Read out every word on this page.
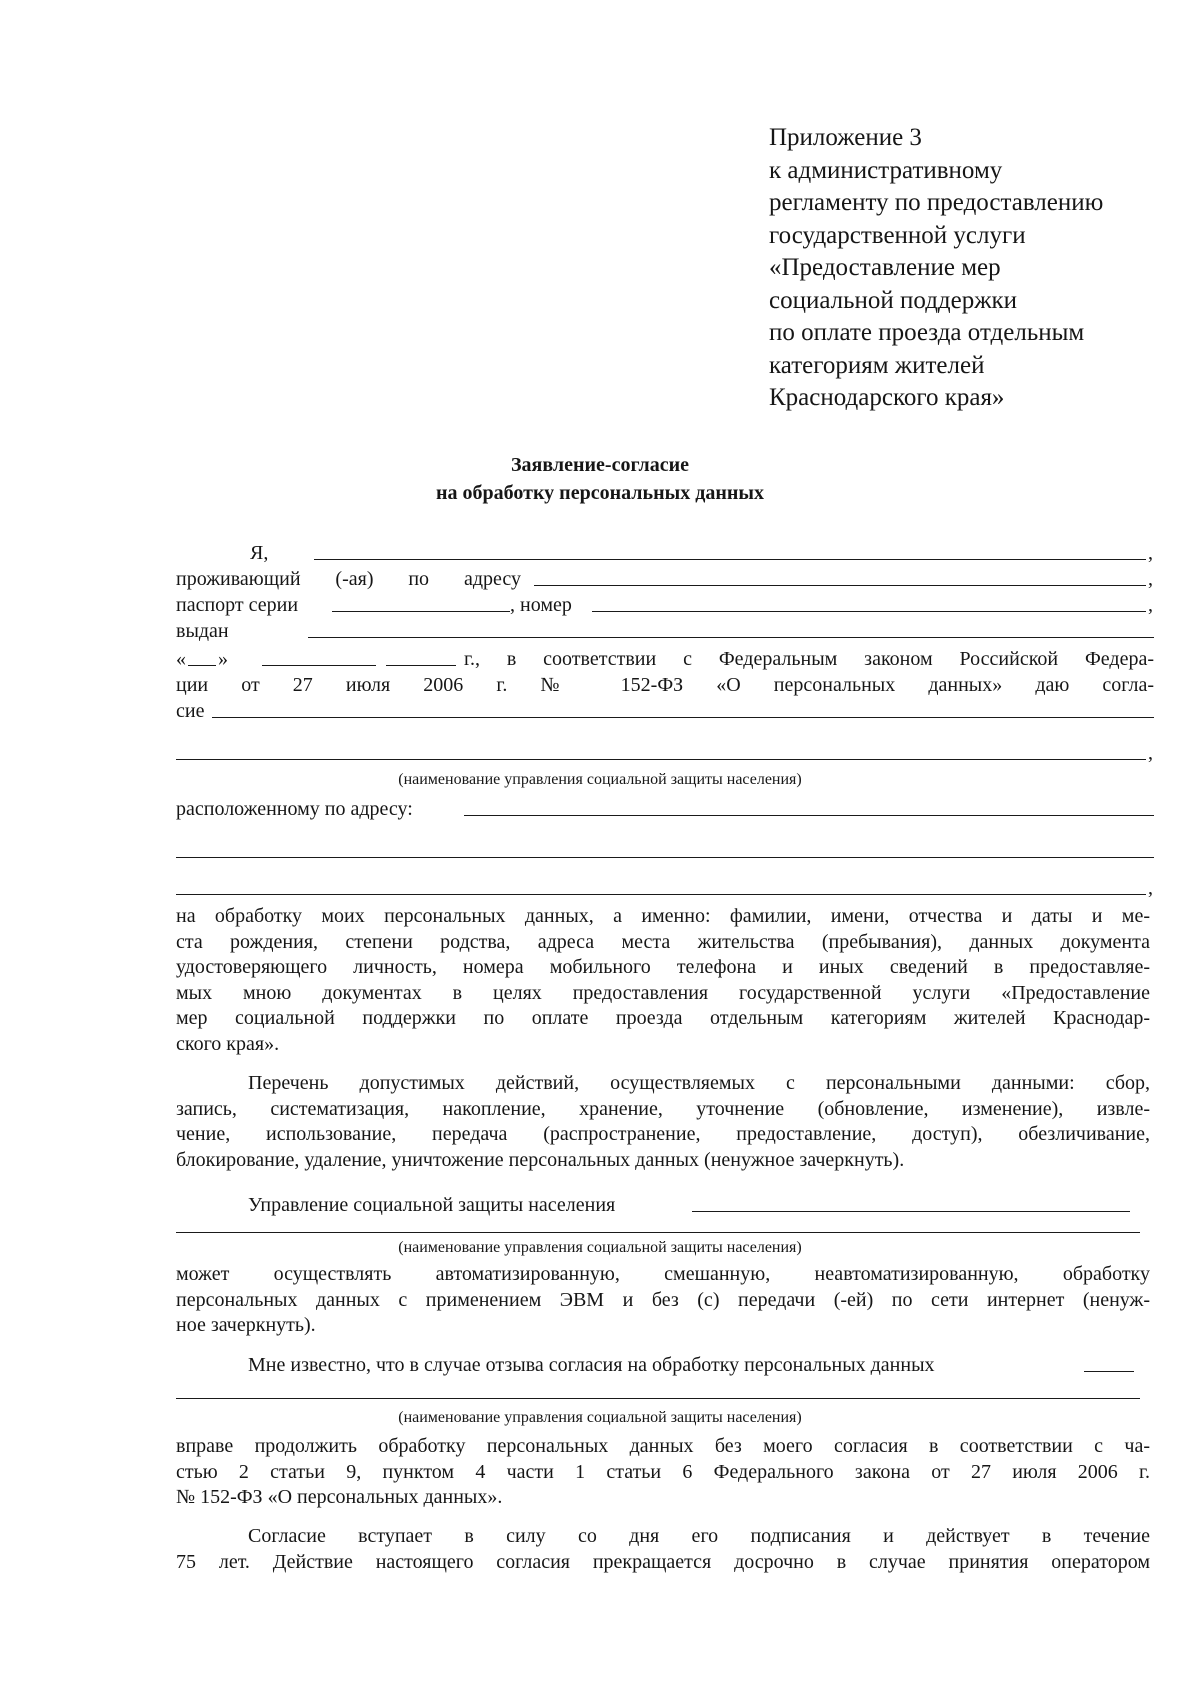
Приложение 3
к административному
регламенту по предоставлению
государственной услуги
«Предоставление мер
социальной поддержки
по оплате проезда отдельным
категориям жителей
Краснодарского края»
Заявление-согласие
на обработку персональных данных
Я,	,
проживающий (-ая) по адресу	,
паспорт серии	, номер	,
выдан
« »	г., в соответствии с Федеральным законом Российской Федера-
ции от 27 июля 2006 г. № 152-ФЗ «О персональных данных» даю согла-
сие
,
(наименование управления социальной защиты населения)
расположенному по адресу:
,
на обработку моих персональных данных, а именно: фамилии, имени, отчества и даты и ме-
ста рождения, степени родства, адреса места жительства (пребывания), данных документа
удостоверяющего личность, номера мобильного телефона и иных сведений в предоставляе-
мых мною документах в целях предоставления государственной услуги «Предоставление
мер социальной поддержки по оплате проезда отдельным категориям жителей Краснодар-
ского края».
Перечень допустимых действий, осуществляемых с персональными данными: сбор,
запись, систематизация, накопление, хранение, уточнение (обновление, изменение), извле-
чение, использование, передача (распространение, предоставление, доступ), обезличивание,
блокирование, удаление, уничтожение персональных данных (ненужное зачеркнуть).
Управление социальной защиты населения
(наименование управления социальной защиты населения)
может осуществлять автоматизированную, смешанную, неавтоматизированную, обработку
персональных данных с применением ЭВМ и без (с) передачи (-ей) по сети интернет (ненуж-
ное зачеркнуть).
Мне известно, что в случае отзыва согласия на обработку персональных данных
(наименование управления социальной защиты населения)
вправе продолжить обработку персональных данных без моего согласия в соответствии с ча-
стью 2 статьи 9, пунктом 4 части 1 статьи 6 Федерального закона от 27 июля 2006 г.
№ 152-ФЗ «О персональных данных».
Согласие вступает в силу со дня его подписания и действует в течение
75 лет. Действие настоящего согласия прекращается досрочно в случае принятия оператором
